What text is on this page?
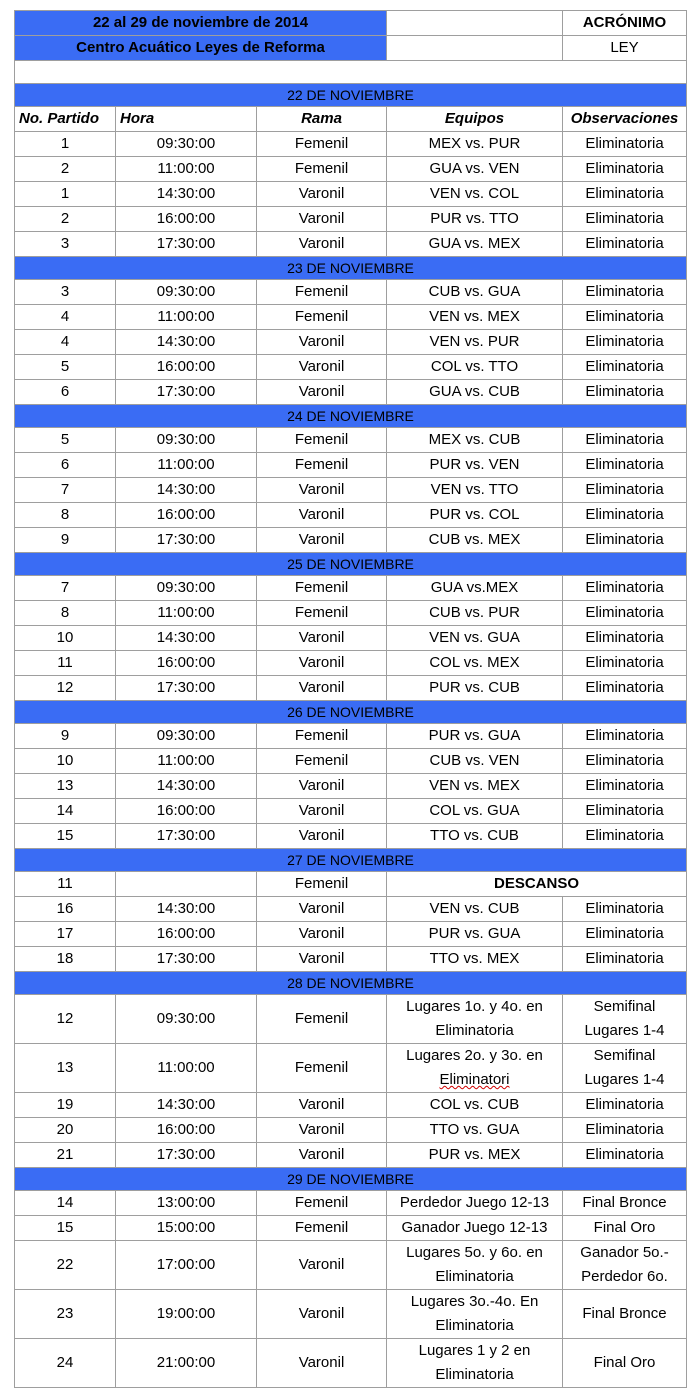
22 al 29 de noviembre de 2014				ACRÓNIMO
Centro Acuático Leyes de Reforma				LEY

22 DE NOVIEMBRE				
No. Partido	Hora	Rama	Equipos	Observaciones
1	09:30:00	Femenil	MEX vs. PUR	Eliminatoria
2	11:00:00	Femenil	GUA vs. VEN	Eliminatoria
1	14:30:00	Varonil	VEN vs. COL	Eliminatoria
2	16:00:00	Varonil	PUR vs. TTO	Eliminatoria
3	17:30:00	Varonil	GUA vs. MEX	Eliminatoria
23 DE NOVIEMBRE				
3	09:30:00	Femenil	CUB vs. GUA	Eliminatoria
4	11:00:00	Femenil	VEN vs. MEX	Eliminatoria
4	14:30:00	Varonil	VEN vs. PUR	Eliminatoria
5	16:00:00	Varonil	COL vs. TTO	Eliminatoria
6	17:30:00	Varonil	GUA vs. CUB	Eliminatoria
24 DE NOVIEMBRE				
5	09:30:00	Femenil	MEX vs. CUB	Eliminatoria
6	11:00:00	Femenil	PUR vs. VEN	Eliminatoria
7	14:30:00	Varonil	VEN vs. TTO	Eliminatoria
8	16:00:00	Varonil	PUR vs. COL	Eliminatoria
9	17:30:00	Varonil	CUB vs. MEX	Eliminatoria
25 DE NOVIEMBRE				
7	09:30:00	Femenil	GUA vs.MEX	Eliminatoria
8	11:00:00	Femenil	CUB vs. PUR	Eliminatoria
10	14:30:00	Varonil	VEN vs. GUA	Eliminatoria
11	16:00:00	Varonil	COL vs. MEX	Eliminatoria
12	17:30:00	Varonil	PUR vs. CUB	Eliminatoria
26 DE NOVIEMBRE				
9	09:30:00	Femenil	PUR vs. GUA	Eliminatoria
10	11:00:00	Femenil	CUB vs. VEN	Eliminatoria
13	14:30:00	Varonil	VEN vs. MEX	Eliminatoria
14	16:00:00	Varonil	COL vs. GUA	Eliminatoria
15	17:30:00	Varonil	TTO vs. CUB	Eliminatoria
27 DE NOVIEMBRE				
11		Femenil	DESCANSO	
16	14:30:00	Varonil	VEN vs. CUB	Eliminatoria
17	16:00:00	Varonil	PUR vs. GUA	Eliminatoria
18	17:30:00	Varonil	TTO vs. MEX	Eliminatoria
28 DE NOVIEMBRE				
12	09:30:00	Femenil	Lugares 1o. y 4o. en Eliminatoria	Semifinal Lugares 1-4
13	11:00:00	Femenil	Lugares 2o. y 3o. en Eliminatori	Semifinal Lugares 1-4
19	14:30:00	Varonil	COL vs. CUB	Eliminatoria
20	16:00:00	Varonil	TTO vs. GUA	Eliminatoria
21	17:30:00	Varonil	PUR vs. MEX	Eliminatoria
29 DE NOVIEMBRE				
14	13:00:00	Femenil	Perdedor Juego 12-13	Final Bronce
15	15:00:00	Femenil	Ganador Juego 12-13	Final Oro
22	17:00:00	Varonil	Lugares 5o. y 6o. en Eliminatoria	Ganador 5o.- Perdedor 6o.
23	19:00:00	Varonil	Lugares 3o.-4o. En Eliminatoria	Final Bronce
24	21:00:00	Varonil	Lugares 1 y 2 en Eliminatoria	Final Oro
